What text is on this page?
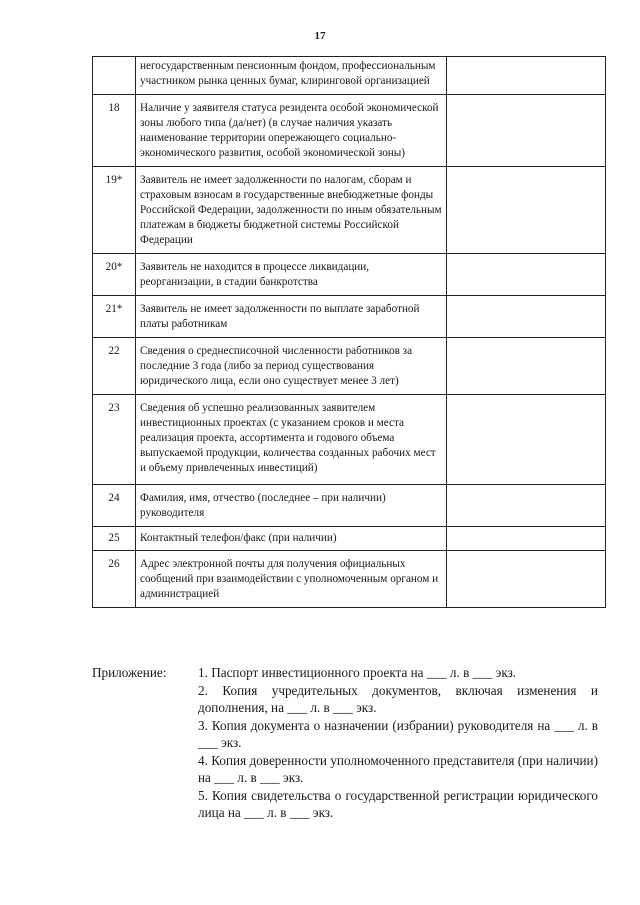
17
	негосударственным пенсионным фондом, профессиональным участником рынка ценных бумаг, клиринговой организацией	
18	Наличие у заявителя статуса резидента особой экономической зоны любого типа (да/нет) (в случае наличия указать наименование территории опережающего социально-экономического развития, особой экономической зоны)	
19*	Заявитель не имеет задолженности по налогам, сборам и страховым взносам в государственные внебюджетные фонды Российской Федерации, задолженности по иным обязательным платежам в бюджеты бюджетной системы Российской Федерации	
20*	Заявитель не находится в процессе ликвидации, реорганизации, в стадии банкротства	
21*	Заявитель не имеет задолженности по выплате заработной платы работникам	
22	Сведения о среднесписочной численности работников за последние 3 года (либо за период существования юридического лица, если оно существует менее 3 лет)	
23	Сведения об успешно реализованных заявителем инвестиционных проектах (с указанием сроков и места реализация проекта, ассортимента и годового объема выпускаемой продукции, количества созданных рабочих мест и объему привлеченных инвестиций)	
24	Фамилия, имя, отчество (последнее – при наличии) руководителя	
25	Контактный телефон/факс (при наличии)	
26	Адрес электронной почты для получения официальных сообщений при взаимодействии с уполномоченным органом и администрацией	
Приложение: 1. Паспорт инвестиционного проекта на ___ л. в ___ экз.
2. Копия учредительных документов, включая изменения и дополнения, на ___ л. в ___ экз.
3. Копия документа о назначении (избрании) руководителя на ___ л. в ___ экз.
4. Копия доверенности уполномоченного представителя (при наличии) на ___ л. в ___ экз.
5. Копия свидетельства о государственной регистрации юридического лица на ___ л. в ___ экз.
